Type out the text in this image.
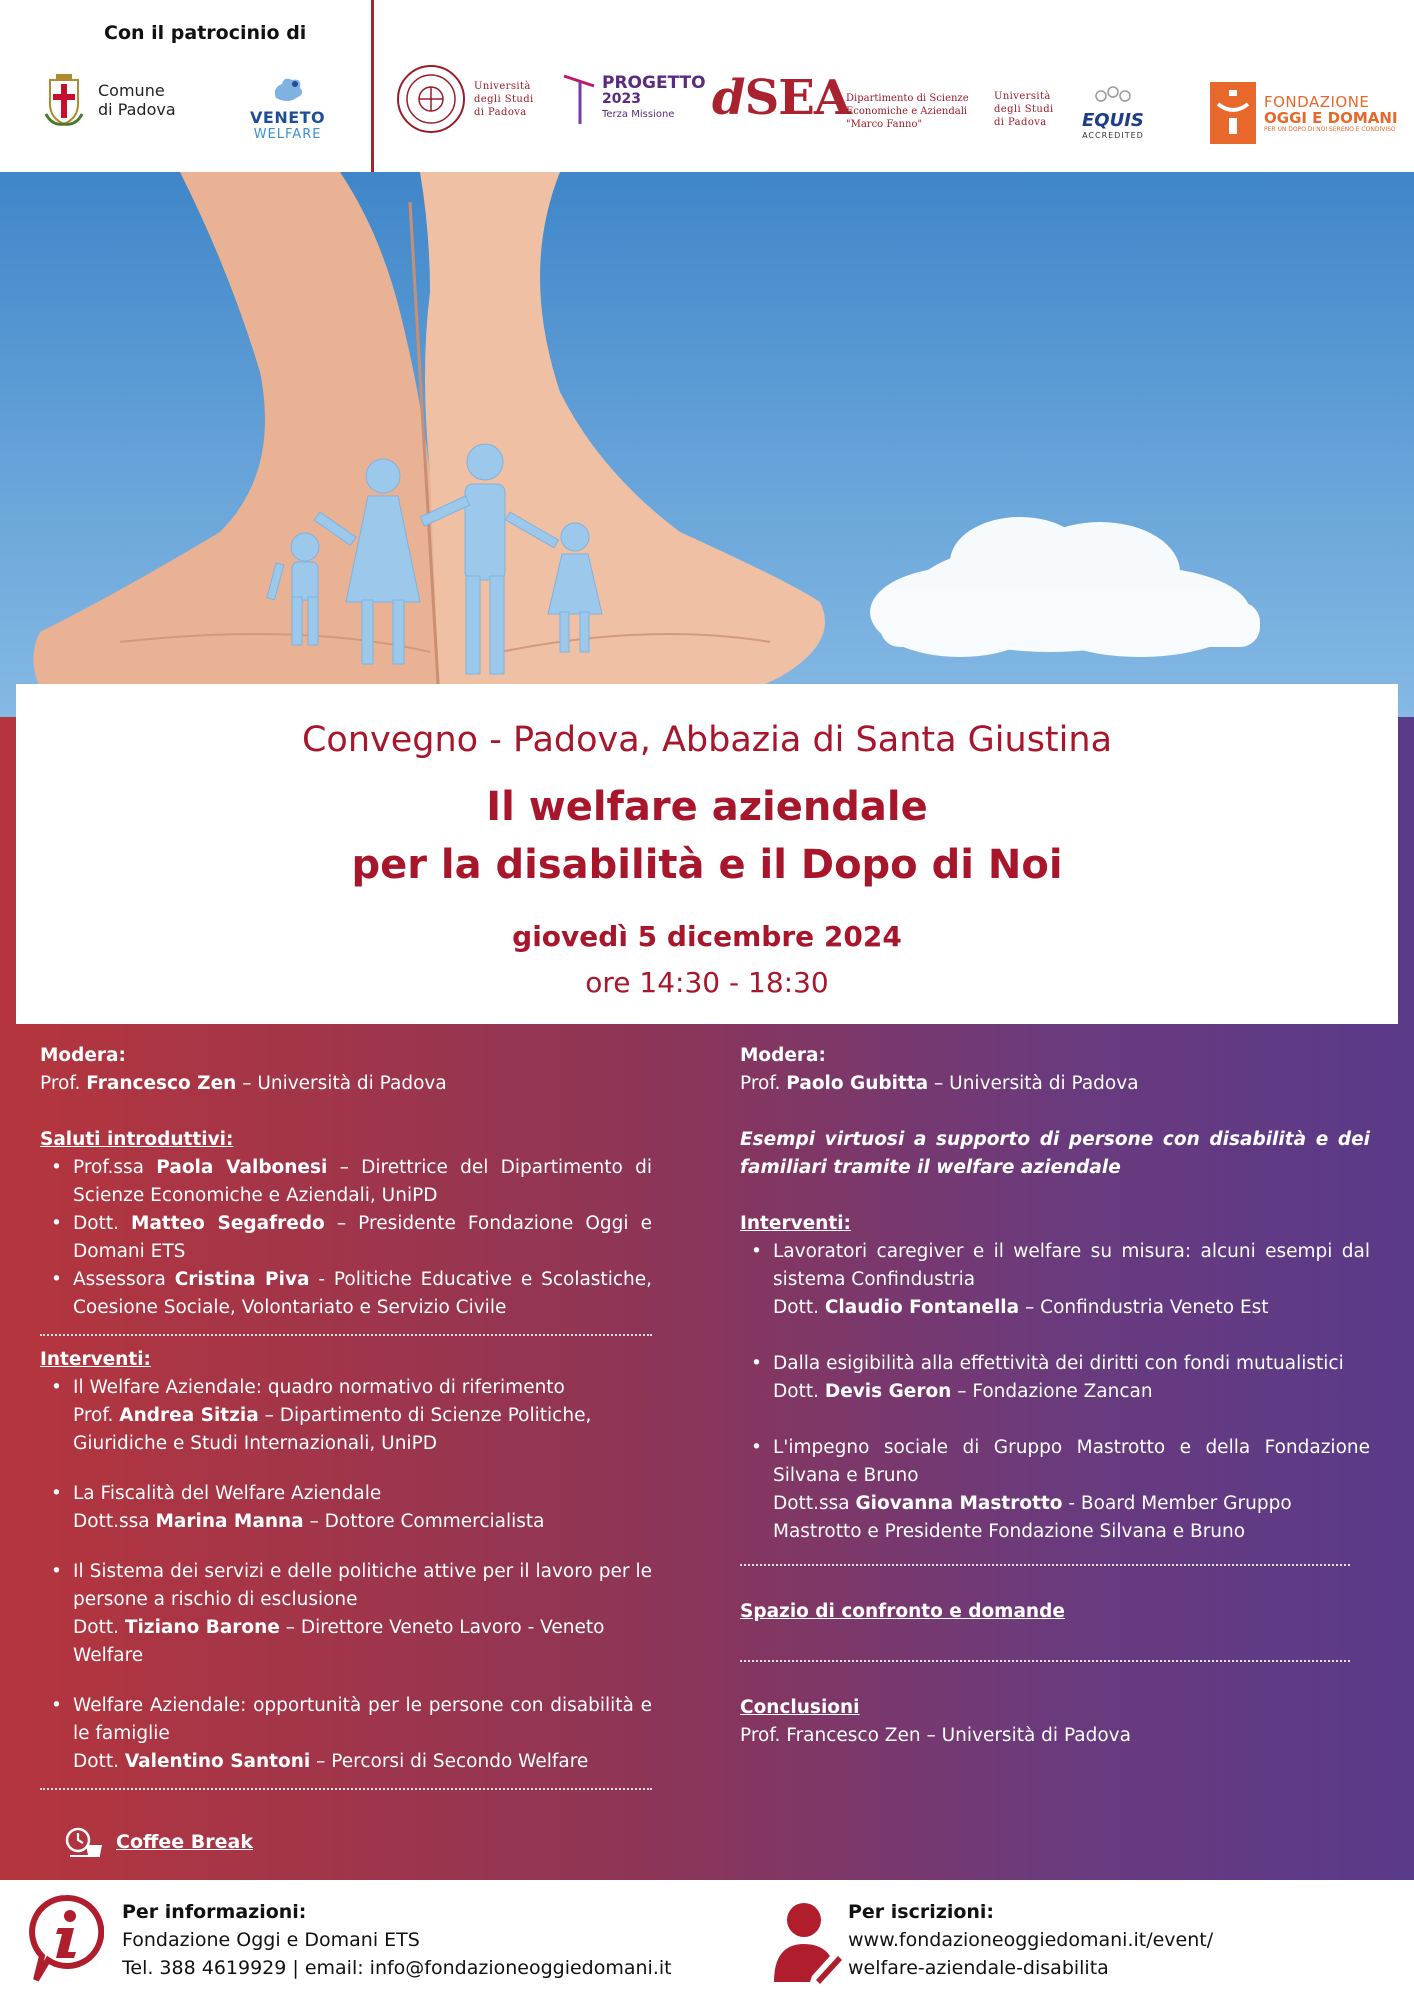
Con il patrocinio di
Comune
di Padova	VENETO
WELFARE
Università
degli Studi
di Padova
PROGETTO
2023
Terza Missione dSEA
Dipartimento di Scienze
Economiche e Aziendali
"Marco Fanno"
Università
degli Studi
di Padova	EQUIS
ACCREDITED
FONDAZIONE
OGGI E DOMANI
PER UN DOPO DI NOI SERENO E CONDIVISO
Convegno - Padova, Abbazia di Santa Giustina
Il welfare aziendale
per la disabilità e il Dopo di Noi
giovedì 5 dicembre 2024
ore 14:30 - 18:30
Modera:
Prof. Francesco Zen – Università di Padova
Saluti introduttivi:
• Prof.ssa Paola Valbonesi – Direttrice del Dipartimento di Scienze Economiche e Aziendali, UniPD
• Dott. Matteo Segafredo – Presidente Fondazione Oggi e Domani ETS
• Assessora Cristina Piva - Politiche Educative e Scolastiche, Coesione Sociale, Volontariato e Servizio Civile
Interventi:
• Il Welfare Aziendale: quadro normativo di riferimento
Prof. Andrea Sitzia – Dipartimento di Scienze Politiche, Giuridiche e Studi Internazionali, UniPD
• La Fiscalità del Welfare Aziendale
Dott.ssa Marina Manna – Dottore Commercialista
• Il Sistema dei servizi e delle politiche attive per il lavoro per le persone a rischio di esclusione
Dott. Tiziano Barone – Direttore Veneto Lavoro - Veneto Welfare
• Welfare Aziendale: opportunità per le persone con disabilità e le famiglie
Dott. Valentino Santoni – Percorsi di Secondo Welfare
Coffee Break
Modera:
Prof. Paolo Gubitta – Università di Padova
Esempi virtuosi a supporto di persone con disabilità e dei familiari tramite il welfare aziendale
Interventi:
• Lavoratori caregiver e il welfare su misura: alcuni esempi dal sistema Confindustria
Dott. Claudio Fontanella – Confindustria Veneto Est
• Dalla esigibilità alla effettività dei diritti con fondi mutualistici
Dott. Devis Geron – Fondazione Zancan
• L'impegno sociale di Gruppo Mastrotto e della Fondazione Silvana e Bruno
Dott.ssa Giovanna Mastrotto - Board Member Gruppo Mastrotto e Presidente Fondazione Silvana e Bruno
Spazio di confronto e domande
Conclusioni
Prof. Francesco Zen – Università di Padova
Per informazioni:
Fondazione Oggi e Domani ETS
Tel. 388 4619929 | email: info@fondazioneoggiedomani.it
Per iscrizioni:
www.fondazioneoggiedomani.it/event/
welfare-aziendale-disabilita
